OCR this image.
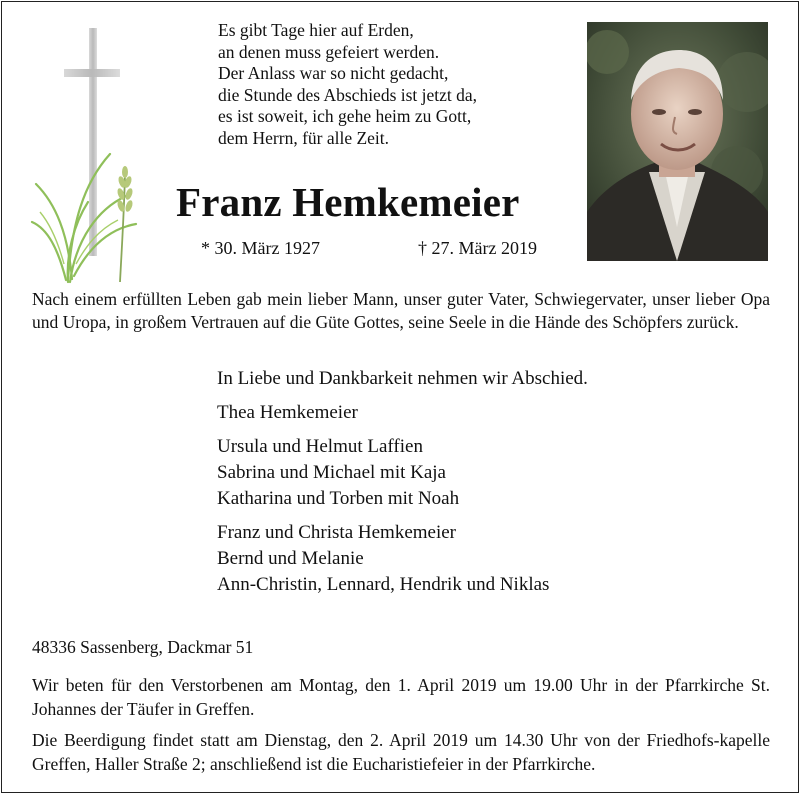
Es gibt Tage hier auf Erden,
an denen muss gefeiert werden.
Der Anlass war so nicht gedacht,
die Stunde des Abschieds ist jetzt da,
es ist soweit, ich gehe heim zu Gott,
dem Herrn, für alle Zeit.
Franz Hemkemeier
* 30. März 1927	† 27. März 2019
Nach einem erfüllten Leben gab mein lieber Mann, unser guter Vater, Schwiegervater, unser lieber Opa und Uropa, in großem Vertrauen auf die Güte Gottes, seine Seele in die Hände des Schöpfers zurück.
In Liebe und Dankbarkeit nehmen wir Abschied.
Thea Hemkemeier
Ursula und Helmut Laffien
Sabrina und Michael mit Kaja
Katharina und Torben mit Noah
Franz und Christa Hemkemeier
Bernd und Melanie
Ann-Christin, Lennard, Hendrik und Niklas
48336 Sassenberg, Dackmar 51
Wir beten für den Verstorbenen am Montag, den 1. April 2019 um 19.00 Uhr in der Pfarrkirche St. Johannes der Täufer in Greffen.
Die Beerdigung findet statt am Dienstag, den 2. April 2019 um 14.30 Uhr von der Friedhofs-kapelle Greffen, Haller Straße 2; anschließend ist die Eucharistiefeier in der Pfarrkirche.
